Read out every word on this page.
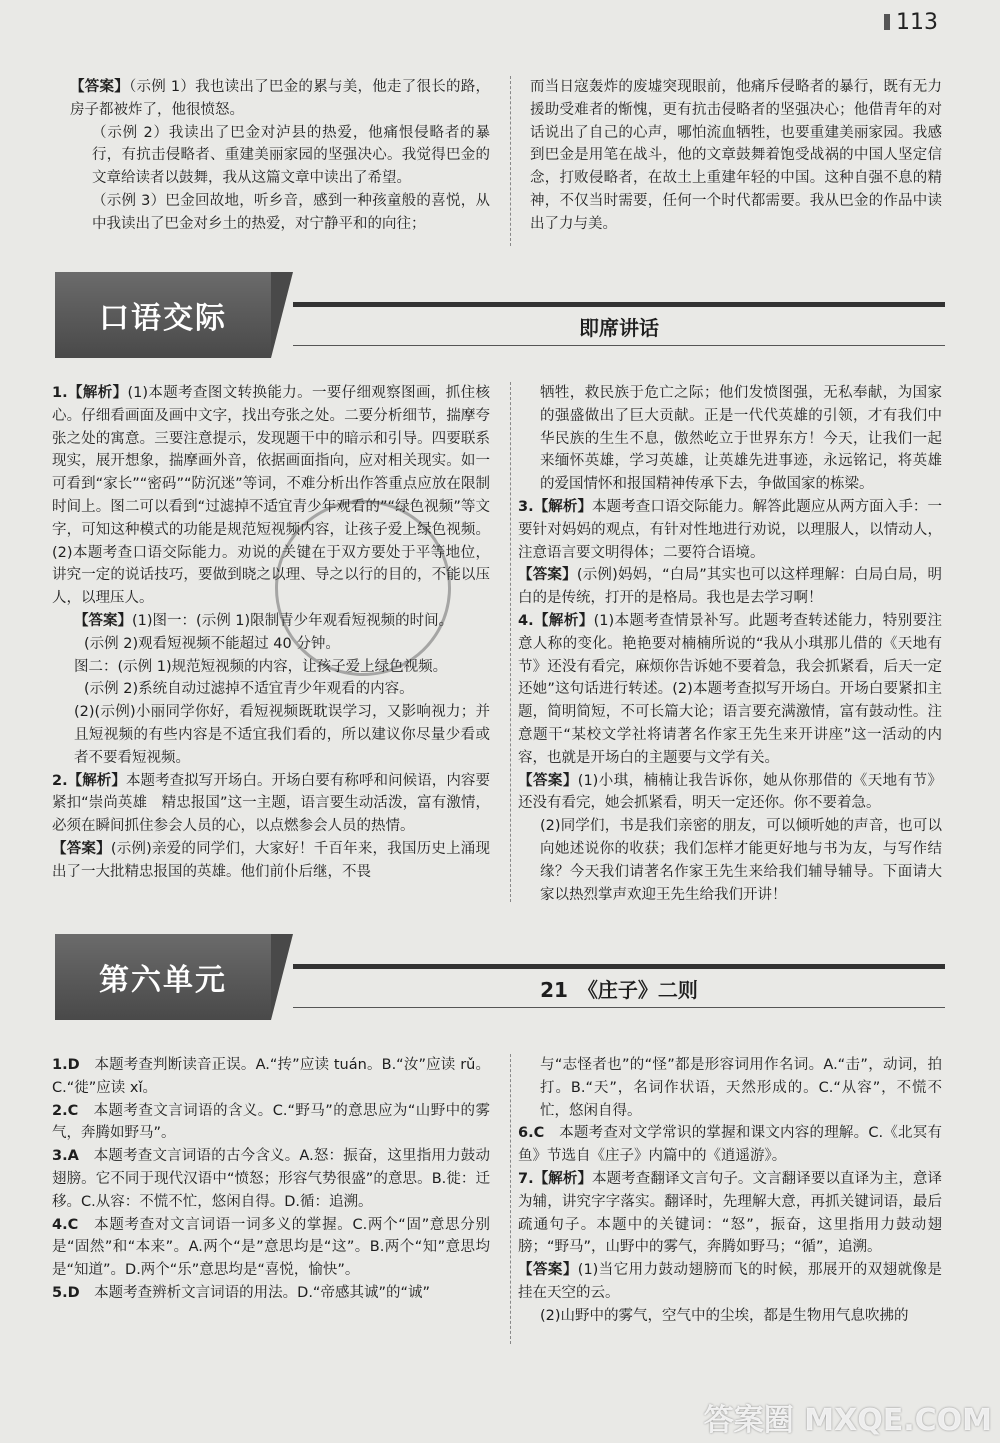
113

【答案】（示例 1）我也读出了巴金的累与美，他走了很长的路，房子都被炸了，他很愤怒。

（示例 2）我读出了巴金对泸县的热爱，他痛恨侵略者的暴行，有抗击侵略者、重建美丽家园的坚强决心。我觉得巴金的文章给读者以鼓舞，我从这篇文章中读出了希望。

（示例 3）巴金回故地，听乡音，感到一种孩童般的喜悦，从中我读出了巴金对乡土的热爱，对宁静平和的向往；

而当日寇轰炸的废墟突现眼前，他痛斥侵略者的暴行，既有无力援助受难者的惭愧，更有抗击侵略者的坚强决心；他借青年的对话说出了自己的心声，哪怕流血牺牲，也要重建美丽家园。我感到巴金是用笔在战斗，他的文章鼓舞着饱受战祸的中国人坚定信念，打败侵略者，在故土上重建年轻的中国。这种自强不息的精神，不仅当时需要，任何一个时代都需要。我从巴金的作品中读出了力与美。

口语交际	即席讲话

1.【解析】(1)本题考查图文转换能力。一要仔细观察图画，抓住核心。仔细看画面及画中文字，找出夸张之处。二要分析细节，揣摩夸张之处的寓意。三要注意提示，发现题干中的暗示和引导。四要联系现实，展开想象，揣摩画外音，依据画面指向，应对相关现实。如一可看到“家长”“密码”“防沉迷”等词，不难分析出作答重点应放在限制时间上。图二可以看到“过滤掉不适宜青少年观看的”“绿色视频”等文字，可知这种模式的功能是规范短视频内容，让孩子爱上绿色视频。(2)本题考查口语交际能力。劝说的关键在于双方要处于平等地位，讲究一定的说话技巧，要做到晓之以理、导之以行的目的，不能以压人，以理压人。

【答案】(1)图一：(示例 1)限制青少年观看短视频的时间。

(示例 2)观看短视频不能超过 40 分钟。

图二：(示例 1)规范短视频的内容，让孩子爱上绿色视频。

(示例 2)系统自动过滤掉不适宜青少年观看的内容。

(2)(示例)小丽同学你好，看短视频既耽误学习，又影响视力；并且短视频的有些内容是不适宜我们看的，所以建议你尽量少看或者不要看短视频。

2.【解析】本题考查拟写开场白。开场白要有称呼和问候语，内容要紧扣“崇尚英雄　精忠报国”这一主题，语言要生动活泼，富有激情，必须在瞬间抓住参会人员的心，以点燃参会人员的热情。

【答案】(示例)亲爱的同学们，大家好！千百年来，我国历史上涌现出了一大批精忠报国的英雄。他们前仆后继，不畏

牺牲，救民族于危亡之际；他们发愤图强，无私奉献，为国家的强盛做出了巨大贡献。正是一代代英雄的引领，才有我们中华民族的生生不息，傲然屹立于世界东方！今天，让我们一起来缅怀英雄，学习英雄，让英雄先进事迹，永远铭记，将英雄的爱国情怀和报国精神传承下去，争做国家的栋梁。

3.【解析】本题考查口语交际能力。解答此题应从两方面入手：一要针对妈妈的观点，有针对性地进行劝说，以理服人，以情动人，注意语言要文明得体；二要符合语境。

【答案】(示例)妈妈，“白局”其实也可以这样理解：白局白局，明白的是传统，打开的是格局。我也是去学习啊！

4.【解析】(1)本题考查情景补写。此题考查转述能力，特别要注意人称的变化。艳艳要对楠楠所说的“我从小琪那儿借的《天地有节》还没有看完，麻烦你告诉她不要着急，我会抓紧看，后天一定还她”这句话进行转述。(2)本题考查拟写开场白。开场白要紧扣主题，简明简短，不可长篇大论；语言要充满激情，富有鼓动性。注意题干“某校文学社将请著名作家王先生来开讲座”这一活动的内容，也就是开场白的主题要与文学有关。

【答案】(1)小琪，楠楠让我告诉你，她从你那借的《天地有节》还没有看完，她会抓紧看，明天一定还你。你不要着急。

(2)同学们，书是我们亲密的朋友，可以倾听她的声音，也可以向她述说你的收获；我们怎样才能更好地与书为友，与写作结缘？今天我们请著名作家王先生来给我们辅导辅导。下面请大家以热烈掌声欢迎王先生给我们开讲！

第六单元	21　《庄子》二则

1.D　本题考查判断读音正误。A.“抟”应读 tuán。B.“汝”应读 rǔ。C.“徙”应读 xǐ。

2.C　本题考查文言词语的含义。C.“野马”的意思应为“山野中的雾气，奔腾如野马”。

3.A　本题考查文言词语的古今含义。A.怒：振奋，这里指用力鼓动翅膀。它不同于现代汉语中“愤怒；形容气势很盛”的意思。B.徙：迁移。C.从容：不慌不忙，悠闲自得。D.循：追溯。

4.C　本题考查对文言词语一词多义的掌握。C.两个“固”意思分别是“固然”和“本来”。A.两个“是”意思均是“这”。B.两个“知”意思均是“知道”。D.两个“乐”意思均是“喜悦，愉快”。

5.D　本题考查辨析文言词语的用法。D.“帝感其诚”的“诚”

与“志怪者也”的“怪”都是形容词用作名词。A.“击”，动词，拍打。B.“天”，名词作状语，天然形成的。C.“从容”，不慌不忙，悠闲自得。

6.C　本题考查对文学常识的掌握和课文内容的理解。C.《北冥有鱼》节选自《庄子》内篇中的《逍遥游》。

7.【解析】本题考查翻译文言句子。文言翻译要以直译为主，意译为辅，讲究字字落实。翻译时，先理解大意，再抓关键词语，最后疏通句子。本题中的关键词：“怒”，振奋，这里指用力鼓动翅膀；“野马”，山野中的雾气，奔腾如野马；“循”，追溯。

【答案】(1)当它用力鼓动翅膀而飞的时候，那展开的双翅就像是挂在天空的云。

(2)山野中的雾气，空气中的尘埃，都是生物用气息吹拂的

答案圈 MXQE.COM
